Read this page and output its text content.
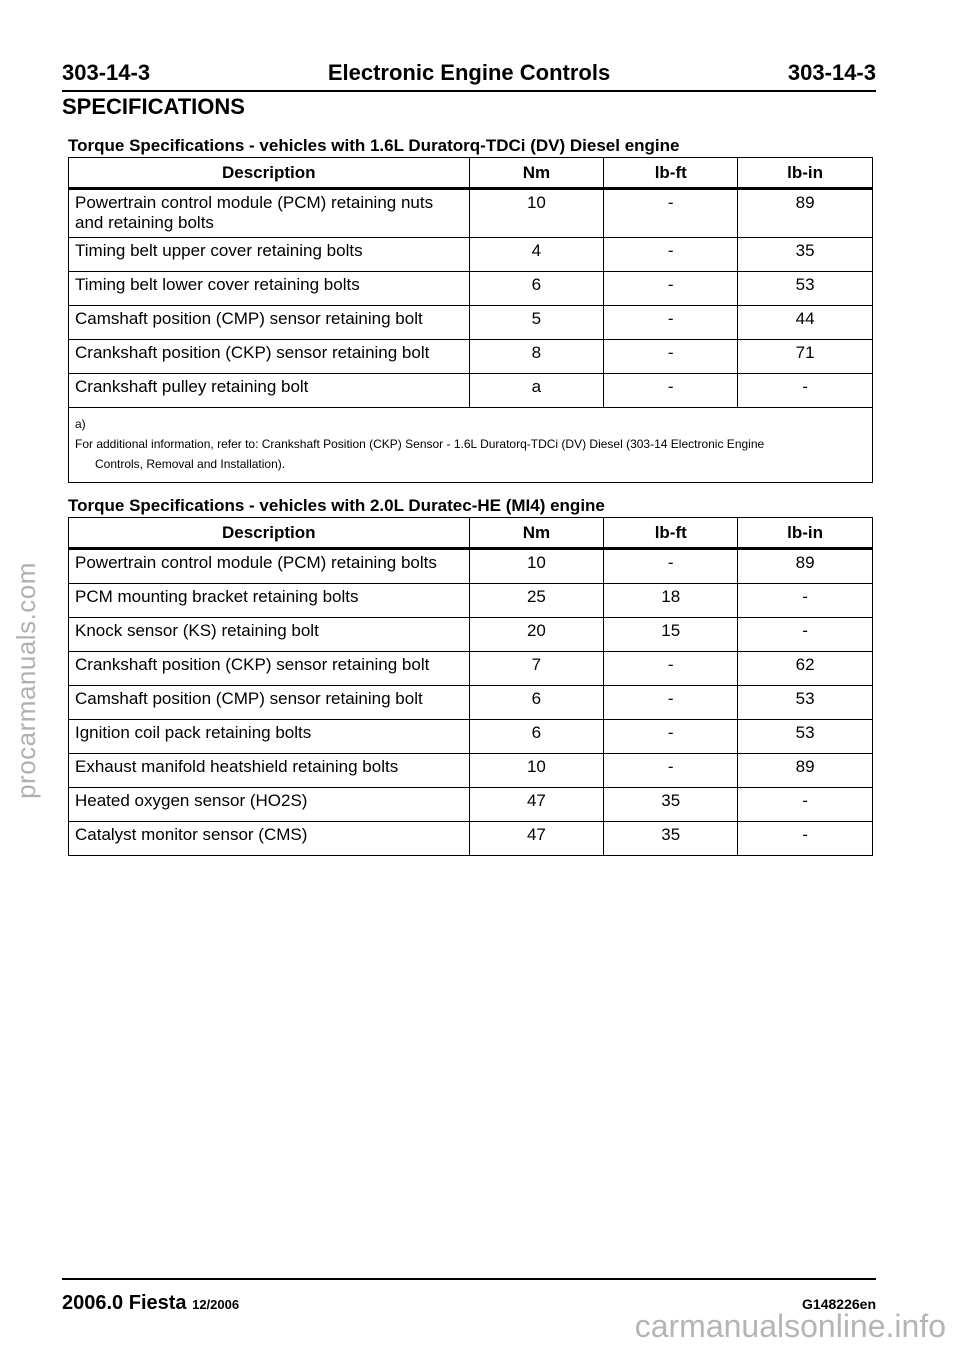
procarmanuals.com
303-14-3	Electronic Engine Controls	303-14-3
SPECIFICATIONS
Torque Specifications - vehicles with 1.6L Duratorq-TDCi (DV) Diesel engine
Description	Nm	lb-ft	lb-in
Powertrain control module (PCM) retaining nuts and retaining bolts	10	-	89
Timing belt upper cover retaining bolts	4	-	35
Timing belt lower cover retaining bolts	6	-	53
Camshaft position (CMP) sensor retaining bolt	5	-	44
Crankshaft position (CKP) sensor retaining bolt	8	-	71
Crankshaft pulley retaining bolt	a	-	-

a)
For additional information, refer to: Crankshaft Position (CKP) Sensor - 1.6L Duratorq-TDCi (DV) Diesel (303-14 Electronic Engine
Controls, Removal and Installation).			
Torque Specifications - vehicles with 2.0L Duratec-HE (MI4) engine
Description	Nm	lb-ft	lb-in
Powertrain control module (PCM) retaining bolts	10	-	89
PCM mounting bracket retaining bolts	25	18	-
Knock sensor (KS) retaining bolt	20	15	-
Crankshaft position (CKP) sensor retaining bolt	7	-	62
Camshaft position (CMP) sensor retaining bolt	6	-	53
Ignition coil pack retaining bolts	6	-	53
Exhaust manifold heatshield retaining bolts	10	-	89
Heated oxygen sensor (HO2S)	47	35	-
Catalyst monitor sensor (CMS)	47	35	-
2006.0 Fiesta 12/2006	G148226en
carmanualsonline.info
